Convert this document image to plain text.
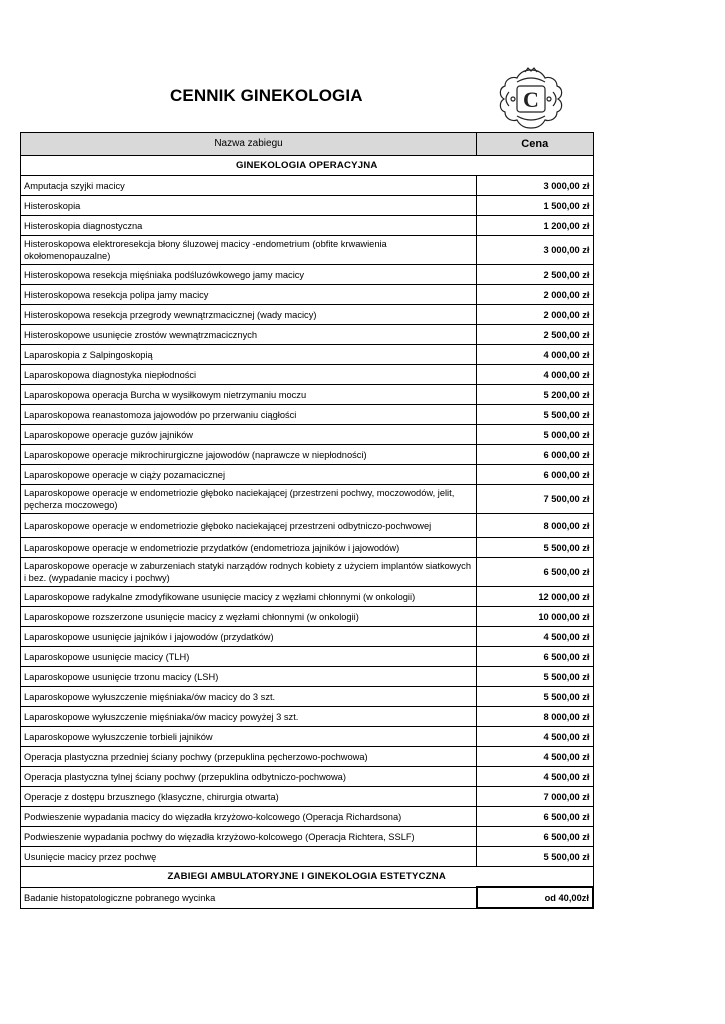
CENNIK GINEKOLOGIA	C
Nazwa zabiegu	Cena
GINEKOLOGIA OPERACYJNA	
Amputacja szyjki macicy	3 000,00 zł
Histeroskopia	1 500,00 zł
Histeroskopia diagnostyczna	1 200,00 zł
Histeroskopowa elektroresekcja błony śluzowej macicy -endometrium (obfite krwawienia okołomenopauzalne)	3 000,00 zł
Histeroskopowa resekcja mięśniaka podśluzówkowego jamy macicy	2 500,00 zł
Histeroskopowa resekcja polipa jamy macicy	2 000,00 zł
Histeroskopowa resekcja przegrody wewnątrzmacicznej (wady macicy)	2 000,00 zł
Histeroskopowe usunięcie zrostów wewnątrzmacicznych	2 500,00 zł
Laparoskopia z Salpingoskopią	4 000,00 zł
Laparoskopowa diagnostyka niepłodności	4 000,00 zł
Laparoskopowa operacja Burcha w wysiłkowym nietrzymaniu moczu	5 200,00 zł
Laparoskopowa reanastomoza jajowodów po przerwaniu ciągłości	5 500,00 zł
Laparoskopowe operacje guzów jajników	5 000,00 zł
Laparoskopowe operacje mikrochirurgiczne jajowodów (naprawcze w niepłodności)	6 000,00 zł
Laparoskopowe operacje w ciąży pozamacicznej	6 000,00 zł
Laparoskopowe operacje w endometriozie głęboko naciekającej (przestrzeni pochwy, moczowodów, jelit, pęcherza moczowego)	7 500,00 zł
Laparoskopowe operacje w endometriozie głęboko naciekającej przestrzeni odbytniczo-pochwowej	8 000,00 zł
Laparoskopowe operacje w endometriozie przydatków (endometrioza jajników i jajowodów)	5 500,00 zł
Laparoskopowe operacje w zaburzeniach statyki narządów rodnych kobiety z użyciem implantów siatkowych i bez. (wypadanie macicy i pochwy)	6 500,00 zł
Laparoskopowe radykalne zmodyfikowane usunięcie macicy z węzłami chłonnymi (w onkologii)	12 000,00 zł
Laparoskopowe rozszerzone usunięcie macicy z węzłami chłonnymi (w onkologii)	10 000,00 zł
Laparoskopowe usunięcie jajników i jajowodów (przydatków)	4 500,00 zł
Laparoskopowe usunięcie macicy (TLH)	6 500,00 zł
Laparoskopowe usunięcie trzonu macicy (LSH)	5 500,00 zł
Laparoskopowe wyłuszczenie mięśniaka/ów macicy do 3 szt.	5 500,00 zł
Laparoskopowe wyłuszczenie mięśniaka/ów macicy powyżej 3 szt.	8 000,00 zł
Laparoskopowe wyłuszczenie torbieli jajników	4 500,00 zł
Operacja plastyczna przedniej ściany pochwy (przepuklina pęcherzowo-pochwowa)	4 500,00 zł
Operacja plastyczna tylnej ściany pochwy (przepuklina odbytniczo-pochwowa)	4 500,00 zł
Operacje z dostępu brzusznego (klasyczne, chirurgia otwarta)	7 000,00 zł
Podwieszenie wypadania macicy do więzadła krzyżowo-kolcowego (Operacja Richardsona)	6 500,00 zł
Podwieszenie wypadania pochwy do więzadła krzyżowo-kolcowego (Operacja Richtera, SSLF)	6 500,00 zł
Usunięcie macicy przez pochwę	5 500,00 zł
ZABIEGI AMBULATORYJNE I GINEKOLOGIA ESTETYCZNA	
Badanie histopatologiczne pobranego wycinka	od 40,00zł
